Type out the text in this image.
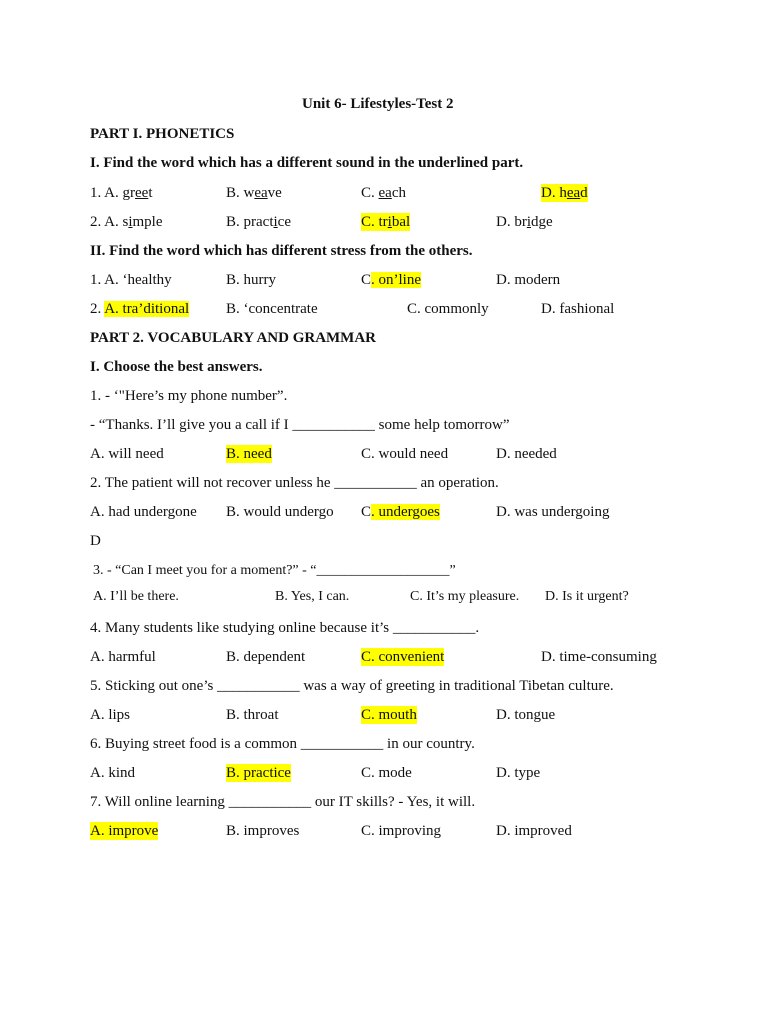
Unit 6- Lifestyles-Test 2
PART I. PHONETICS
I. Find the word which has a different sound in the underlined part.
1. A. greet	B. weave	C. each	D. head
2. A. simple	B. practice	C. tribal	D. bridge
II. Find the word which has different stress from the others.
1. A. ‘healthy	B. hurry	C. on’line	D. modern
2. A. tra’ditional B. ‘concentrate	C. commonly	D. fashional
PART 2. VOCABULARY AND GRAMMAR
I. Choose the best answers.
1. - ‘"Here’s my phone number”.
- “Thanks. I’ll give you a call if I ___________ some help tomorrow”
A. will need	B. need	C. would need	D. needed
2. The patient will not recover unless he ___________ an operation.
A. had undergone B. would undergo C. undergoes	D. was undergoing
D
3. - “Can I meet you for a moment?” - “___________________”
A. I’ll be there.	B. Yes, I can.	C. It’s my pleasure. D. Is it urgent?
4. Many students like studying online because it’s ___________.
A. harmful	B. dependent	C. convenient	D. time-consuming
5. Sticking out one’s ___________ was a way of greeting in traditional Tibetan culture.
A. lips	B. throat	C. mouth	D. tongue
6. Buying street food is a common ___________ in our country.
A. kind	B. practice	C. mode	D. type
7. Will online learning ___________ our IT skills? - Yes, it will.
A. improve	B. improves	C. improving	D. improved
